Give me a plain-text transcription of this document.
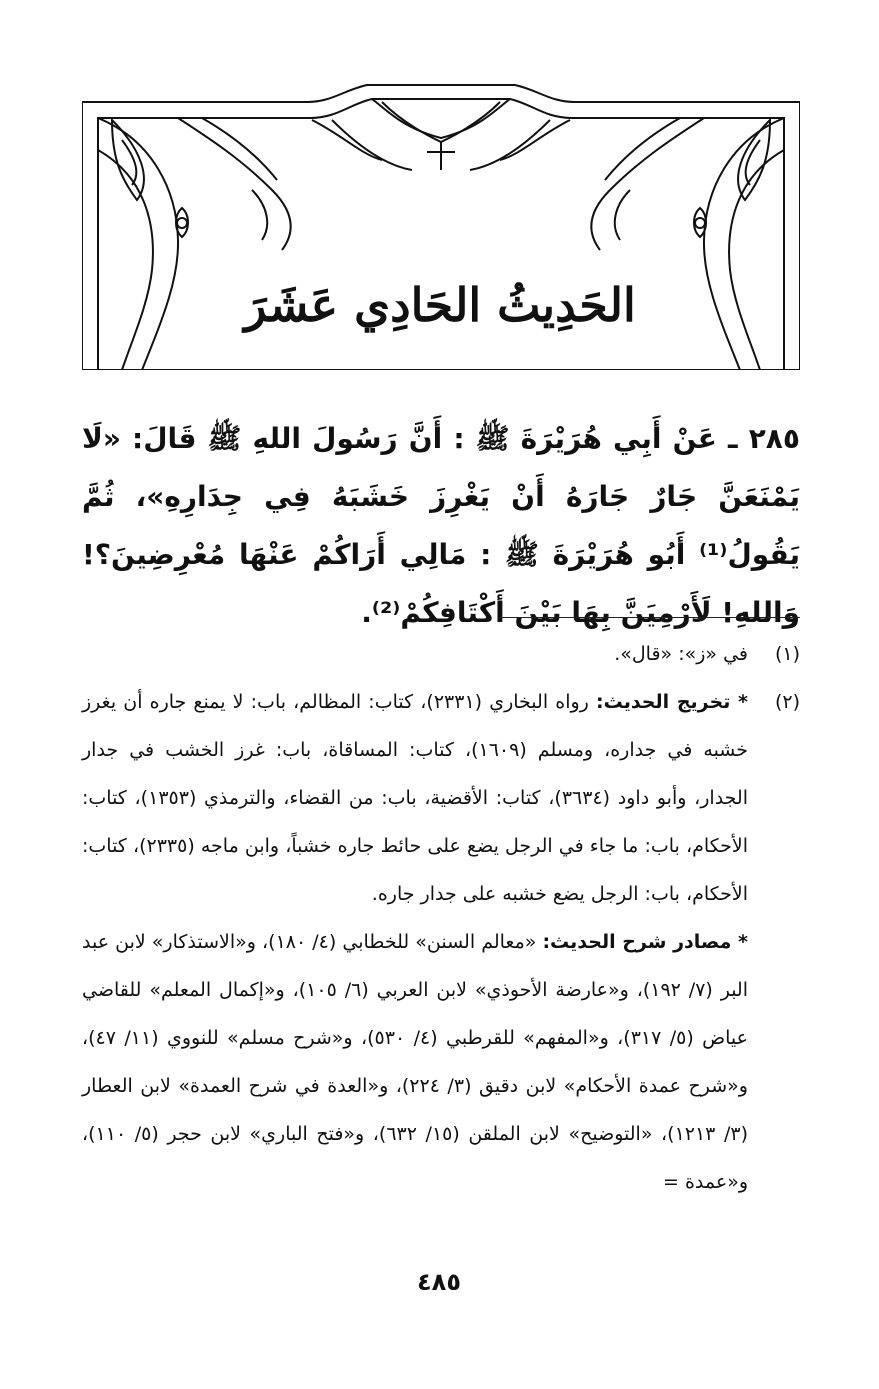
الحَدِيثُ الحَادِي عَشَرَ
٢٨٥ ـ عَنْ أَبِي هُرَيْرَةَ ﷺ : أَنَّ رَسُولَ اللهِ ﷺ قَالَ: «لَا يَمْنَعَنَّ جَارٌ جَارَهُ أَنْ يَغْرِزَ خَشَبَهُ فِي جِدَارِهِ»، ثُمَّ يَقُولُ⁽¹⁾ أَبُو هُرَيْرَةَ ﷺ : مَالِي أَرَاكُمْ عَنْهَا مُعْرِضِينَ؟! وَاللهِ! لَأَرْمِيَنَّ بِهَا بَيْنَ أَكْتَافِكُمْ⁽²⁾.
(١)

في «ز»: «قال».

(٢)

* تخريج الحديث: رواه البخاري (٢٣٣١)، كتاب: المظالم، باب: لا يمنع جاره أن يغرز خشبه في جداره، ومسلم (١٦٠٩)، كتاب: المساقاة، باب: غرز الخشب في جدار الجدار، وأبو داود (٣٦٣٤)، كتاب: الأقضية، باب: من القضاء، والترمذي (١٣٥٣)، كتاب: الأحكام، باب: ما جاء في الرجل يضع على حائط جاره خشباً، وابن ماجه (٢٣٣٥)، كتاب: الأحكام، باب: الرجل يضع خشبه على جدار جاره.

* مصادر شرح الحديث: «معالم السنن» للخطابي (٤/ ١٨٠)، و«الاستذكار» لابن عبد البر (٧/ ١٩٢)، و«عارضة الأحوذي» لابن العربي (٦/ ١٠٥)، و«إكمال المعلم» للقاضي عياض (٥/ ٣١٧)، و«المفهم» للقرطبي (٤/ ٥٣٠)، و«شرح مسلم» للنووي (١١/ ٤٧)، و«شرح عمدة الأحكام» لابن دقيق (٣/ ٢٢٤)، و«العدة في شرح العمدة» لابن العطار (٣/ ١٢١٣)، «التوضيح» لابن الملقن (١٥/ ٦٣٢)، و«فتح الباري» لابن حجر (٥/ ١١٠)، و«عمدة =

٤٨٥
